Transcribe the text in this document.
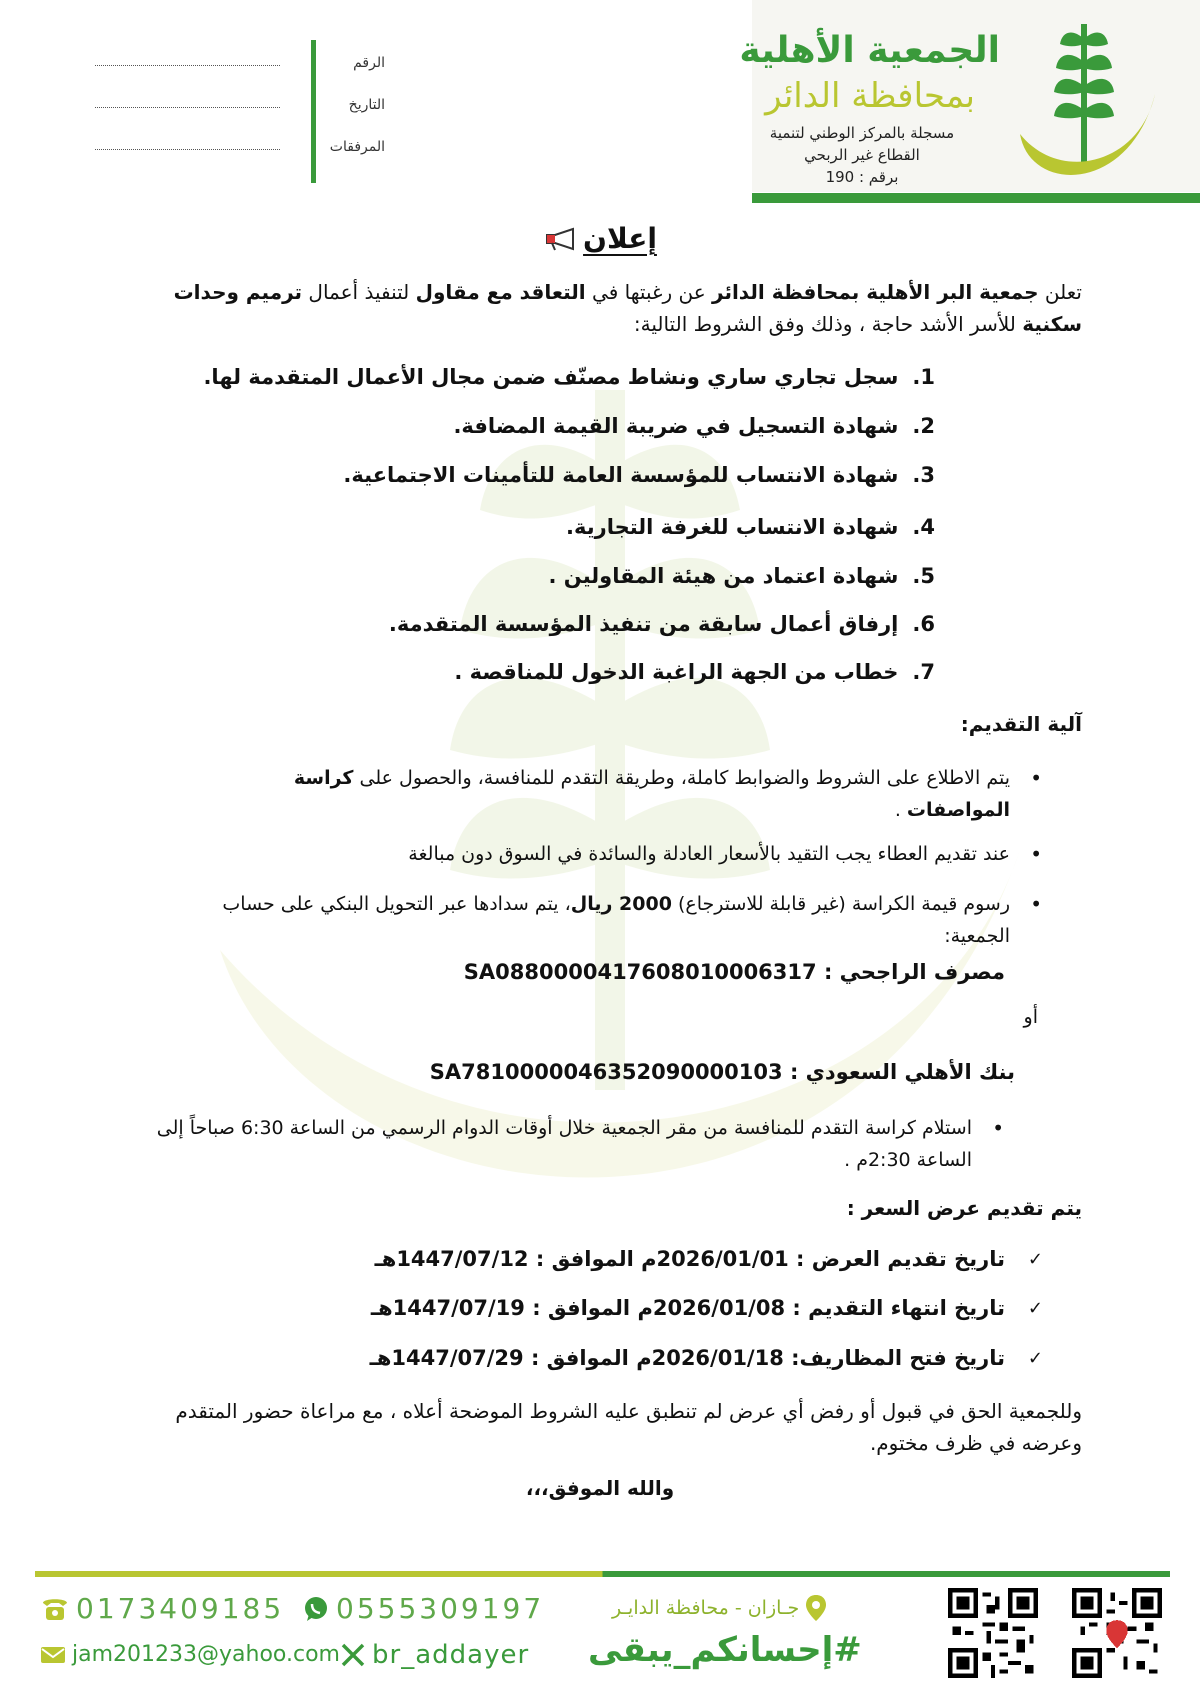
الجمعية الأهلية
بمحافظة الدائر
مسجلة بالمركز الوطني لتنمية
القطاع غير الربحي
برقم : 190
الرقم
التاريخ
المرفقات
إعلان
تعلن جمعية البر الأهلية بمحافظة الدائر عن رغبتها في التعاقد مع مقاول لتنفيذ أعمال ترميم وحدات سكنية للأسر الأشد حاجة ، وذلك وفق الشروط التالية:
1.سجل تجاري ساري ونشاط مصنّف ضمن مجال الأعمال المتقدمة لها.
2.شهادة التسجيل في ضريبة القيمة المضافة.
3.شهادة الانتساب للمؤسسة العامة للتأمينات الاجتماعية.
4.شهادة الانتساب للغرفة التجارية.
5.شهادة اعتماد من هيئة المقاولين .
6.إرفاق أعمال سابقة من تنفيذ المؤسسة المتقدمة.
7.خطاب من الجهة الراغبة الدخول للمناقصة .
آلية التقديم:
• يتم الاطلاع على الشروط والضوابط كاملة، وطريقة التقدم للمنافسة، والحصول على كراسة المواصفات .
• عند تقديم العطاء يجب التقيد بالأسعار العادلة والسائدة في السوق دون مبالغة
• رسوم قيمة الكراسة (غير قابلة للاسترجاع) 2000 ريال، يتم سدادها عبر التحويل البنكي على حساب الجمعية:
مصرف الراجحي : SA0880000417608010006317
أو
بنك الأهلي السعودي : SA7810000046352090000103
• استلام كراسة التقدم للمنافسة من مقر الجمعية خلال أوقات الدوام الرسمي من الساعة 6:30 صباحاً إلى الساعة 2:30م .
يتم تقديم عرض السعر :
✓
تاريخ تقديم العرض : 2026/01/01م الموافق : 1447/07/12هـ
✓
تاريخ انتهاء التقديم : 2026/01/08م الموافق : 1447/07/19هـ
✓
تاريخ فتح المظاريف: 2026/01/18م الموافق : 1447/07/29هـ
وللجمعية الحق في قبول أو رفض أي عرض لم تنطبق عليه الشروط الموضحة أعلاه ، مع مراعاة حضور المتقدم وعرضه في ظرف مختوم.
والله الموفق،،،
0173409185 0555309197
jam201233@yahoo.com br_addayer
جـازان - محافظة الدايـر
#إحسانكم_يبقى
